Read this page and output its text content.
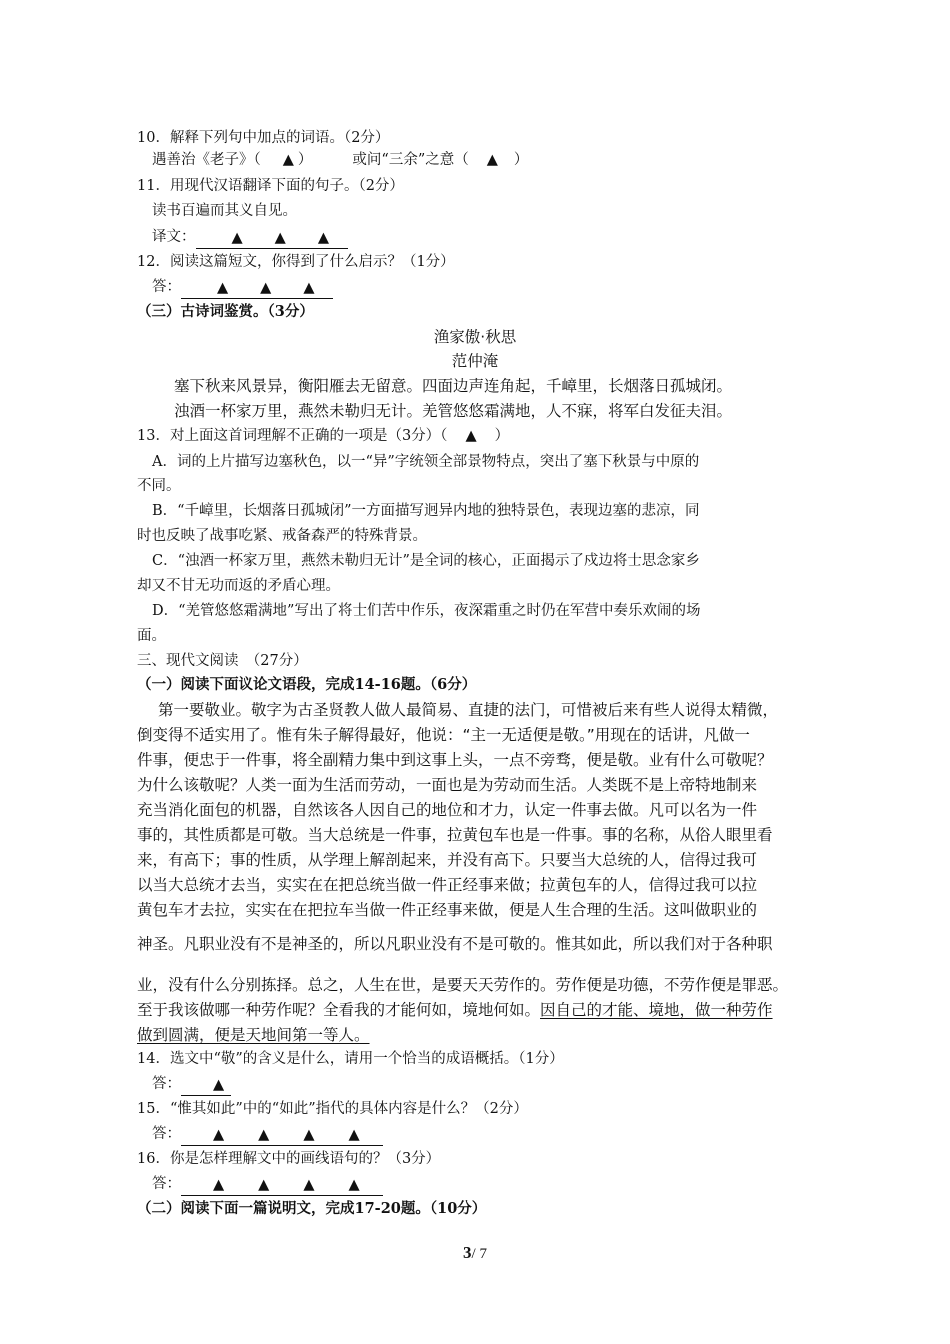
10．解释下列句中加点的词语。（2分）
遇善治《老子》（ ▲ ）	或问“三余”之意（ ▲ ）
11．用现代汉语翻译下面的句子。（2分）
读书百遍而其义自见。
译文： ▲ ▲ ▲
12．阅读这篇短文，你得到了什么启示？（1分）
答： ▲ ▲ ▲
（三）古诗词鉴赏。（3分）
渔家傲·秋思
范仲淹
塞下秋来风景异，衡阳雁去无留意。四面边声连角起，千嶂里，长烟落日孤城闭。
浊酒一杯家万里，燕然未勒归无计。羌管悠悠霜满地，人不寐，将军白发征夫泪。
13．对上面这首词理解不正确的一项是（3分）（ ▲ ）
A．词的上片描写边塞秋色，以一“异”字统领全部景物特点，突出了塞下秋景与中原的
不同。
B．“千嶂里，长烟落日孤城闭”一方面描写迥异内地的独特景色，表现边塞的悲凉，同
时也反映了战事吃紧、戒备森严的特殊背景。
C．“浊酒一杯家万里，燕然未勒归无计”是全词的核心，正面揭示了戍边将士思念家乡
却又不甘无功而返的矛盾心理。
D．“羌管悠悠霜满地”写出了将士们苦中作乐，夜深霜重之时仍在军营中奏乐欢闹的场
面。
三、现代文阅读　（27分）
（一）阅读下面议论文语段，完成14-16题。（6分）
第一要敬业。敬字为古圣贤教人做人最简易、直捷的法门，可惜被后来有些人说得太精微，
倒变得不适实用了。惟有朱子解得最好，他说：“主一无适便是敬。”用现在的话讲，凡做一
件事，便忠于一件事，将全副精力集中到这事上头，一点不旁骛，便是敬。业有什么可敬呢？
为什么该敬呢？人类一面为生活而劳动，一面也是为劳动而生活。人类既不是上帝特地制来
充当消化面包的机器，自然该各人因自己的地位和才力，认定一件事去做。凡可以名为一件
事的，其性质都是可敬。当大总统是一件事，拉黄包车也是一件事。事的名称，从俗人眼里看
来，有高下；事的性质，从学理上解剖起来，并没有高下。只要当大总统的人，信得过我可
以当大总统才去当，实实在在把总统当做一件正经事来做；拉黄包车的人，信得过我可以拉
黄包车才去拉，实实在在把拉车当做一件正经事来做，便是人生合理的生活。这叫做职业的
神圣。凡职业没有不是神圣的，所以凡职业没有不是可敬的。惟其如此，所以我们对于各种职
业，没有什么分别拣择。总之，人生在世，是要天天劳作的。劳作便是功德，不劳作便是罪恶。
至于我该做哪一种劳作呢？全看我的才能何如，境地何如。因自己的才能、境地，做一种劳作
做到圆满，便是天地间第一等人。
14．选文中“敬”的含义是什么，请用一个恰当的成语概括。（1分）
答： ▲
15．“惟其如此”中的“如此”指代的具体内容是什么？（2分）
答： ▲ ▲ ▲ ▲
16．你是怎样理解文中的画线语句的？（3分）
答： ▲ ▲ ▲ ▲
（二）阅读下面一篇说明文，完成17-20题。（10分）
3/ 7
